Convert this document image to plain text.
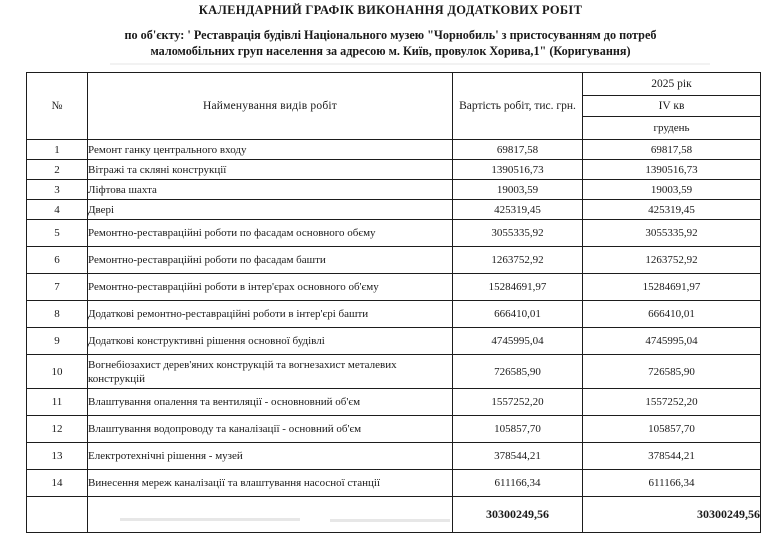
КАЛЕНДАРНИЙ ГРАФІК ВИКОНАННЯ ДОДАТКОВИХ РОБІТ
по об'єкту: ' Реставрація будівлі Національного музею "Чорнобиль' з пристосуванням до потреб
маломобільних груп населення за адресою м. Київ, провулок Хорива,1" (Коригування)
№	Найменування видів робіт	Вартість робіт, тис. грн.	2025 рік
			IV кв
			грудень
1	Ремонт ганку центрального входу	69817,58	69817,58
2	Вітражі та скляні конструкції	1390516,73	1390516,73
3	Ліфтова шахта	19003,59	19003,59
4	Двері	425319,45	425319,45
5	Ремонтно-реставраційні роботи по фасадам основного обєму	3055335,92	3055335,92
6	Ремонтно-реставраційні роботи по фасадам башти	1263752,92	1263752,92
7	Ремонтно-реставраційні роботи в інтер'єрах основного об'єму	15284691,97	15284691,97
8	Додаткові ремонтно-реставраційні роботи в інтер'єрі башти	666410,01	666410,01
9	Додаткові конструктивні рішення основної будівлі	4745995,04	4745995,04
10	Вогнебіозахист дерев'яних конструкцій та вогнезахист металевих конструкцій	726585,90	726585,90
11	Влаштування опалення та вентиляції - основновний об'єм	1557252,20	1557252,20
12	Влаштування водопроводу та каналізації - основний об'єм	105857,70	105857,70
13	Електротехнічні рішення - музей	378544,21	378544,21
14	Винесення мереж каналізації та влаштування насосної станції	611166,34	611166,34
		30300249,56	30300249,56
